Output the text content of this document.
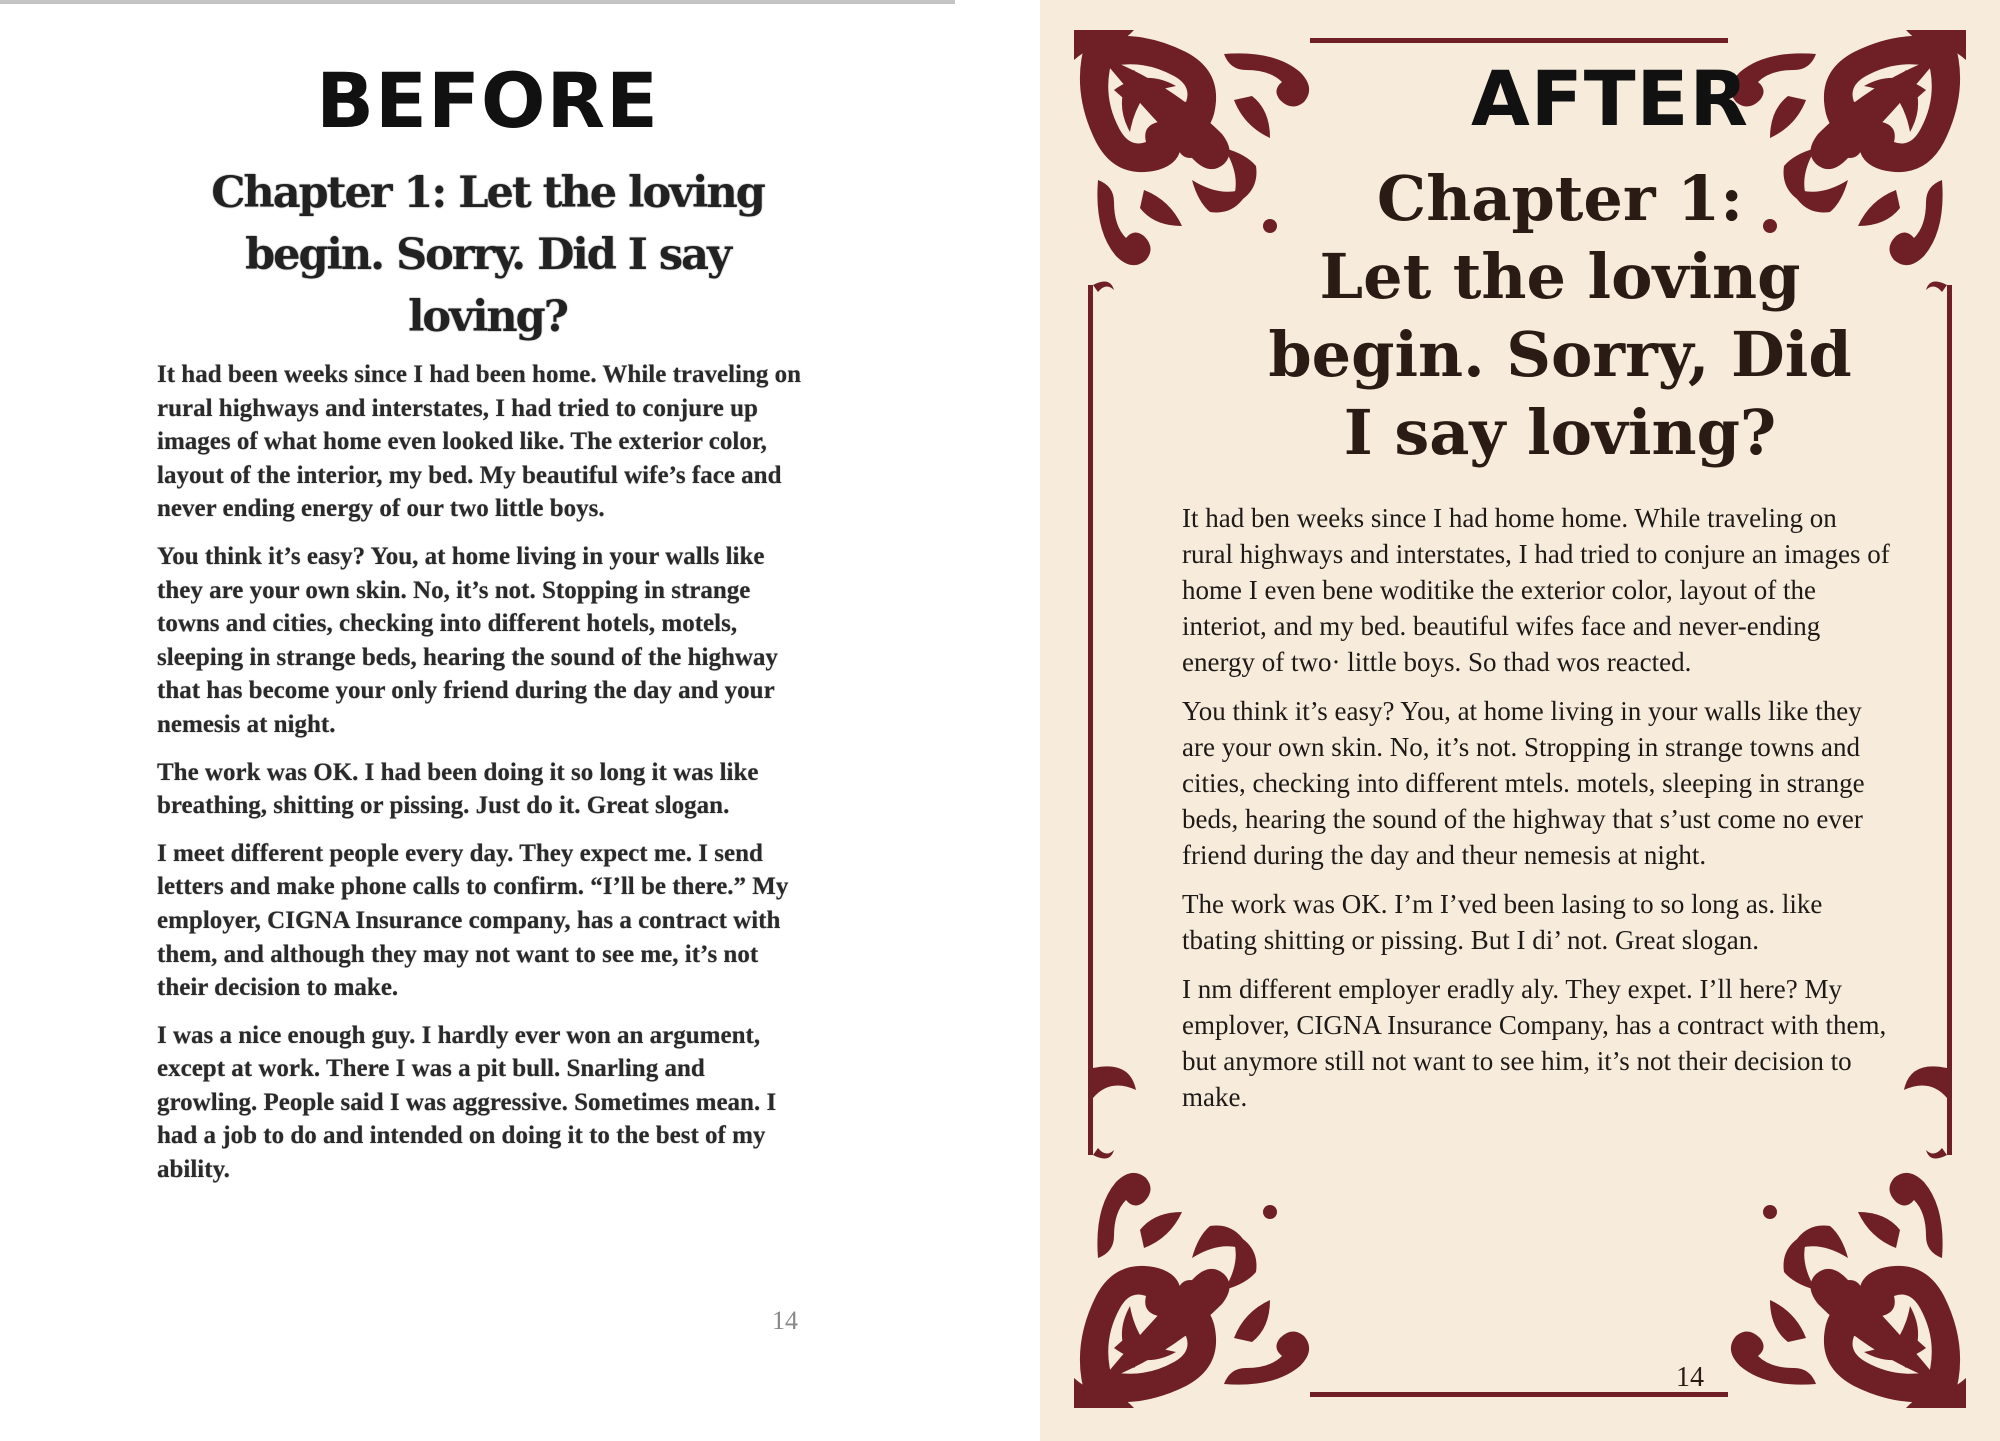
BEFORE
Chapter 1: Let the loving begin. Sorry. Did I say loving?

It had been weeks since I had been home. While traveling on rural highways and interstates, I had tried to conjure up images of what home even looked like. The exterior color, layout of the interior, my bed. My beautiful wife’s face and never ending energy of our two little boys.

You think it’s easy? You, at home living in your walls like they are your own skin. No, it’s not. Stopping in strange towns and cities, checking into different hotels, motels, sleeping in strange beds, hearing the sound of the highway that has become your only friend during the day and your nemesis at night.

The work was OK. I had been doing it so long it was like breathing, shitting or pissing. Just do it. Great slogan.

I meet different people every day. They expect me. I send letters and make phone calls to confirm. “I’ll be there.” My employer, CIGNA Insurance company, has a contract with them, and although they may not want to see me, it’s not their decision to make.

I was a nice enough guy. I hardly ever won an argument, except at work. There I was a pit bull. Snarling and growling. People said I was aggressive. Sometimes mean. I had a job to do and intended on doing it to the best of my ability.

14
AFTER
Chapter 1:
Let the loving
begin. Sorry, Did
I say loving?

It had ben weeks since I had home home. While traveling on rural highways and interstates, I had tried to conjure an images of home I even bene woditike the exterior color, layout of the interiot, and my bed. beautiful wifes face and never-ending energy of two· little boys. So thad wos reacted.

You think it’s easy? You, at home living in your walls like they are your own skin. No, it’s not. Stropping in strange towns and cities, checking into different mtels. motels, sleeping in strange beds, hearing the sound of the highway that s’ust come no ever friend during the day and theur nemesis at night.

The work was OK. I’m I’ved been lasing to so long as. like tbating shitting or pissing. But I di’ not. Great slogan.

I nm different employer eradly aly. They expet. I’ll here? My emplover, CIGNA Insurance Company, has a contract with them, but anymore still not want to see him, it’s not their decision to make.

14
